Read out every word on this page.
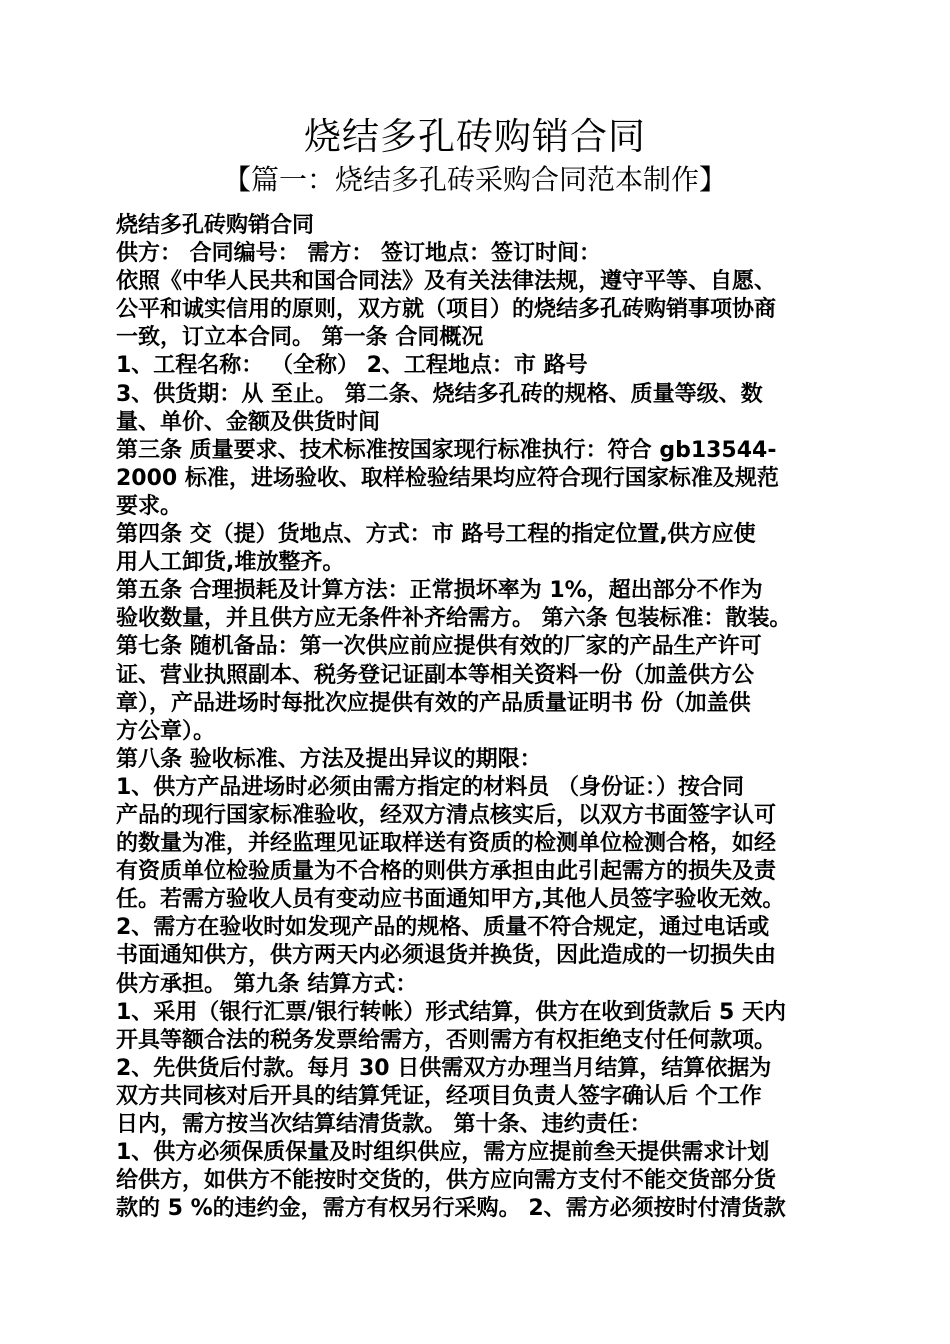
烧结多孔砖购销合同
【篇一：烧结多孔砖采购合同范本制作】
烧结多孔砖购销合同
供方： 合同编号： 需方： 签订地点：签订时间：
依照《中华人民共和国合同法》及有关法律法规，遵守平等、自愿、
公平和诚实信用的原则，双方就（项目）的烧结多孔砖购销事项协商
一致，订立本合同。 第一条 合同概况
1、工程名称： （全称） 2、工程地点：市 路号
3、供货期：从 至止。 第二条、烧结多孔砖的规格、质量等级、数
量、单价、金额及供货时间
第三条 质量要求、技术标准按国家现行标准执行：符合 gb13544-
2000 标准，进场验收、取样检验结果均应符合现行国家标准及规范
要求。
第四条 交（提）货地点、方式：市 路号工程的指定位置,供方应使
用人工卸货,堆放整齐。
第五条 合理损耗及计算方法：正常损坏率为 1%，超出部分不作为
验收数量，并且供方应无条件补齐给需方。 第六条 包装标准：散装。
第七条 随机备品：第一次供应前应提供有效的厂家的产品生产许可
证、营业执照副本、税务登记证副本等相关资料一份（加盖供方公
章），产品进场时每批次应提供有效的产品质量证明书 份（加盖供
方公章）。
第八条 验收标准、方法及提出异议的期限：
1、供方产品进场时必须由需方指定的材料员 （身份证：）按合同
产品的现行国家标准验收，经双方清点核实后，以双方书面签字认可
的数量为准，并经监理见证取样送有资质的检测单位检测合格，如经
有资质单位检验质量为不合格的则供方承担由此引起需方的损失及责
任。若需方验收人员有变动应书面通知甲方,其他人员签字验收无效。
2、需方在验收时如发现产品的规格、质量不符合规定，通过电话或
书面通知供方，供方两天内必须退货并换货，因此造成的一切损失由
供方承担。 第九条 结算方式：
1、采用（银行汇票/银行转帐）形式结算，供方在收到货款后 5 天内
开具等额合法的税务发票给需方，否则需方有权拒绝支付任何款项。
2、先供货后付款。每月 30 日供需双方办理当月结算，结算依据为
双方共同核对后开具的结算凭证，经项目负责人签字确认后 个工作
日内，需方按当次结算结清货款。 第十条、违约责任：
1、供方必须保质保量及时组织供应，需方应提前叁天提供需求计划
给供方，如供方不能按时交货的，供方应向需方支付不能交货部分货
款的 5 %的违约金，需方有权另行采购。 2、需方必须按时付清货款
